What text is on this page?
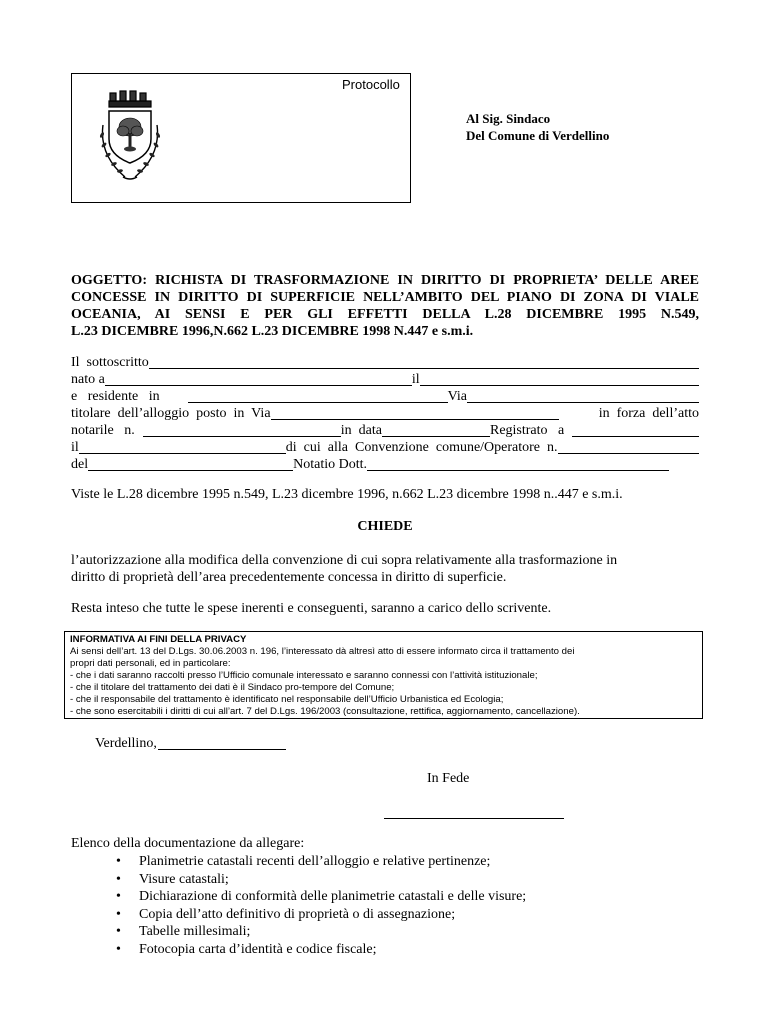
Protocollo
Al Sig. Sindaco
Del Comune di Verdellino
OGGETTO: RICHISTA DI TRASFORMAZIONE IN DIRITTO DI PROPRIETA’ DELLE AREE CONCESSE IN DIRITTO DI SUPERFICIE NELL’AMBITO DEL PIANO DI ZONA DI VIALE OCEANIA, AI SENSI E PER GLI EFFETTI DELLA L.28 DICEMBRE 1995 N.549,
L.23 DICEMBRE 1996,N.662 L.23 DICEMBRE 1998 N.447 e s.m.i.
Il  sottoscritto
nato a	il
e   residente   in	Via
titolare  dell’alloggio  posto  in  Via	in  forza  dell’atto
notarile   n.	in  data	Registrato   a
il	di  cui  alla  Convenzione  comune/Operatore  n.
del	Notatio Dott.
Viste le L.28 dicembre 1995 n.549, L.23 dicembre 1996, n.662 L.23 dicembre 1998 n..447 e s.m.i.
CHIEDE
l’autorizzazione alla modifica della convenzione di cui sopra relativamente alla trasformazione in
diritto di proprietà dell’area precedentemente concessa in diritto di superficie.
Resta inteso che tutte le spese inerenti e conseguenti, saranno a carico dello scrivente.
INFORMATIVA AI FINI DELLA PRIVACY
Ai sensi dell’art. 13 del D.Lgs. 30.06.2003 n. 196, l’interessato dà altresì atto di essere informato circa il trattamento dei
propri dati personali, ed in particolare:
- che i dati saranno raccolti presso l’Ufficio comunale interessato e saranno connessi con l’attività istituzionale;
- che il titolare del trattamento dei dati è il Sindaco pro-tempore del Comune;
- che il responsabile del trattamento è identificato nel responsabile dell’Ufficio Urbanistica ed Ecologia;
- che sono esercitabili i diritti di cui all’art. 7 del D.Lgs. 196/2003 (consultazione, rettifica, aggiornamento, cancellazione).
Verdellino,
In Fede
Elenco della documentazione da allegare:
•	Planimetrie catastali recenti dell’alloggio e relative pertinenze;
•	Visure catastali;
•	Dichiarazione di conformità delle planimetrie catastali e delle visure;
•	Copia dell’atto definitivo di proprietà o di assegnazione;
•	Tabelle millesimali;
•	Fotocopia carta d’identità e codice fiscale;
